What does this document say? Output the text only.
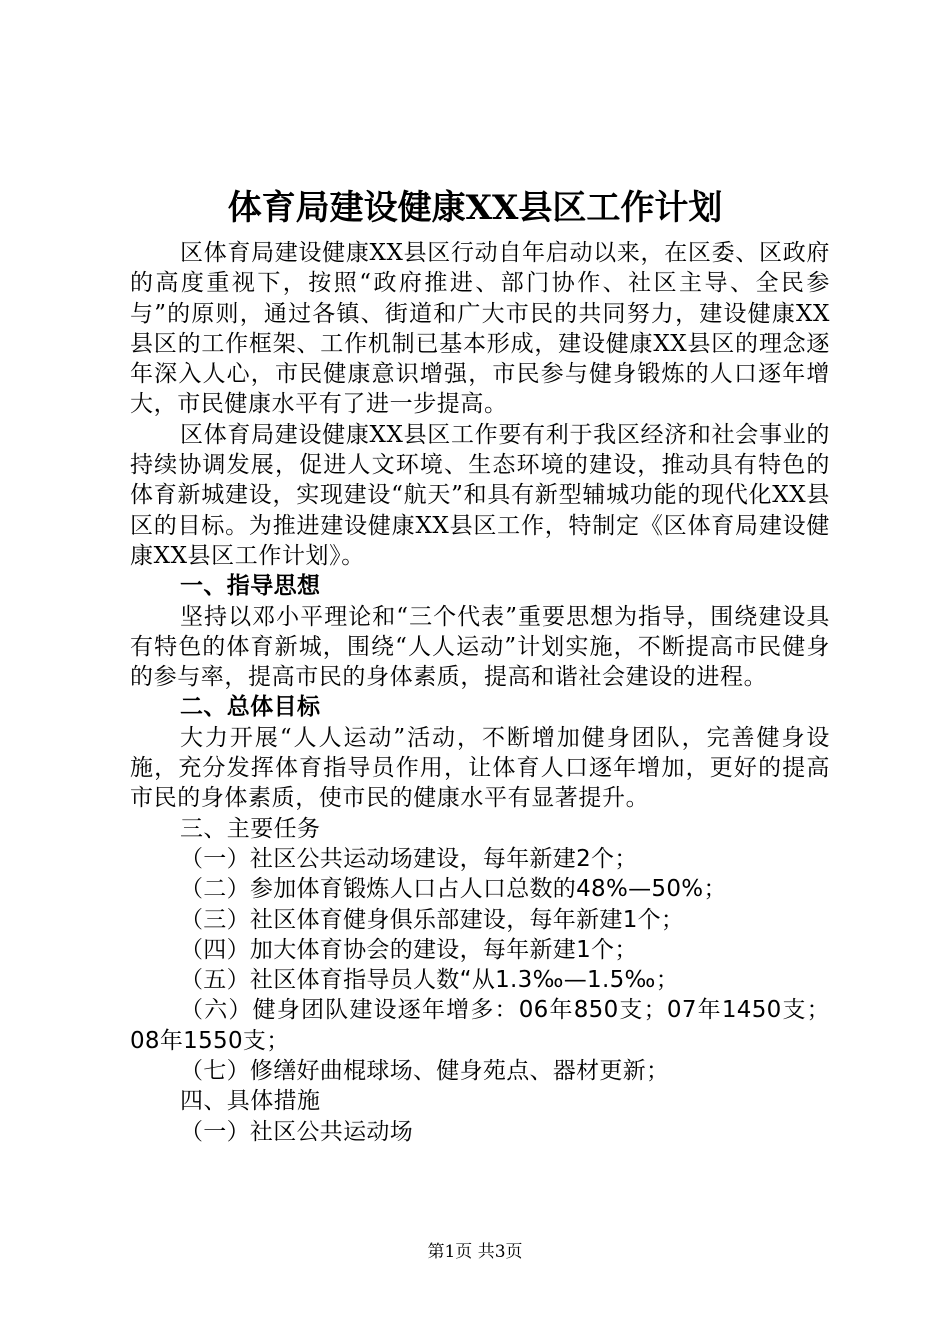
体育局建设健康XX县区工作计划

区体育局建设健康XX县区行动自年启动以来，在区委、区政府的高度重视下，按照“政府推进、部门协作、社区主导、全民参与”的原则，通过各镇、街道和广大市民的共同努力，建设健康XX县区的工作框架、工作机制已基本形成，建设健康XX县区的理念逐年深入人心，市民健康意识增强，市民参与健身锻炼的人口逐年增大，市民健康水平有了进一步提高。

区体育局建设健康XX县区工作要有利于我区经济和社会事业的持续协调发展，促进人文环境、生态环境的建设，推动具有特色的体育新城建设，实现建设“航天”和具有新型辅城功能的现代化XX县区的目标。为推进建设健康XX县区工作，特制定《区体育局建设健康XX县区工作计划》。

一、指导思想

坚持以邓小平理论和“三个代表”重要思想为指导，围绕建设具有特色的体育新城，围绕“人人运动”计划实施，不断提高市民健身的参与率，提高市民的身体素质，提高和谐社会建设的进程。

二、总体目标

大力开展“人人运动”活动，不断增加健身团队，完善健身设施，充分发挥体育指导员作用，让体育人口逐年增加，更好的提高市民的身体素质，使市民的健康水平有显著提升。

三、主要任务

（一）社区公共运动场建设，每年新建2个；

（二）参加体育锻炼人口占人口总数的48%—50%；

（三）社区体育健身俱乐部建设，每年新建1个；

（四）加大体育协会的建设，每年新建1个；

（五）社区体育指导员人数“从1.3‰—1.5‰；

（六）健身团队建设逐年增多：06年850支；07年1450支；08年1550支；

（七）修缮好曲棍球场、健身苑点、器材更新；

四、具体措施

（一）社区公共运动场

第1页 共3页
